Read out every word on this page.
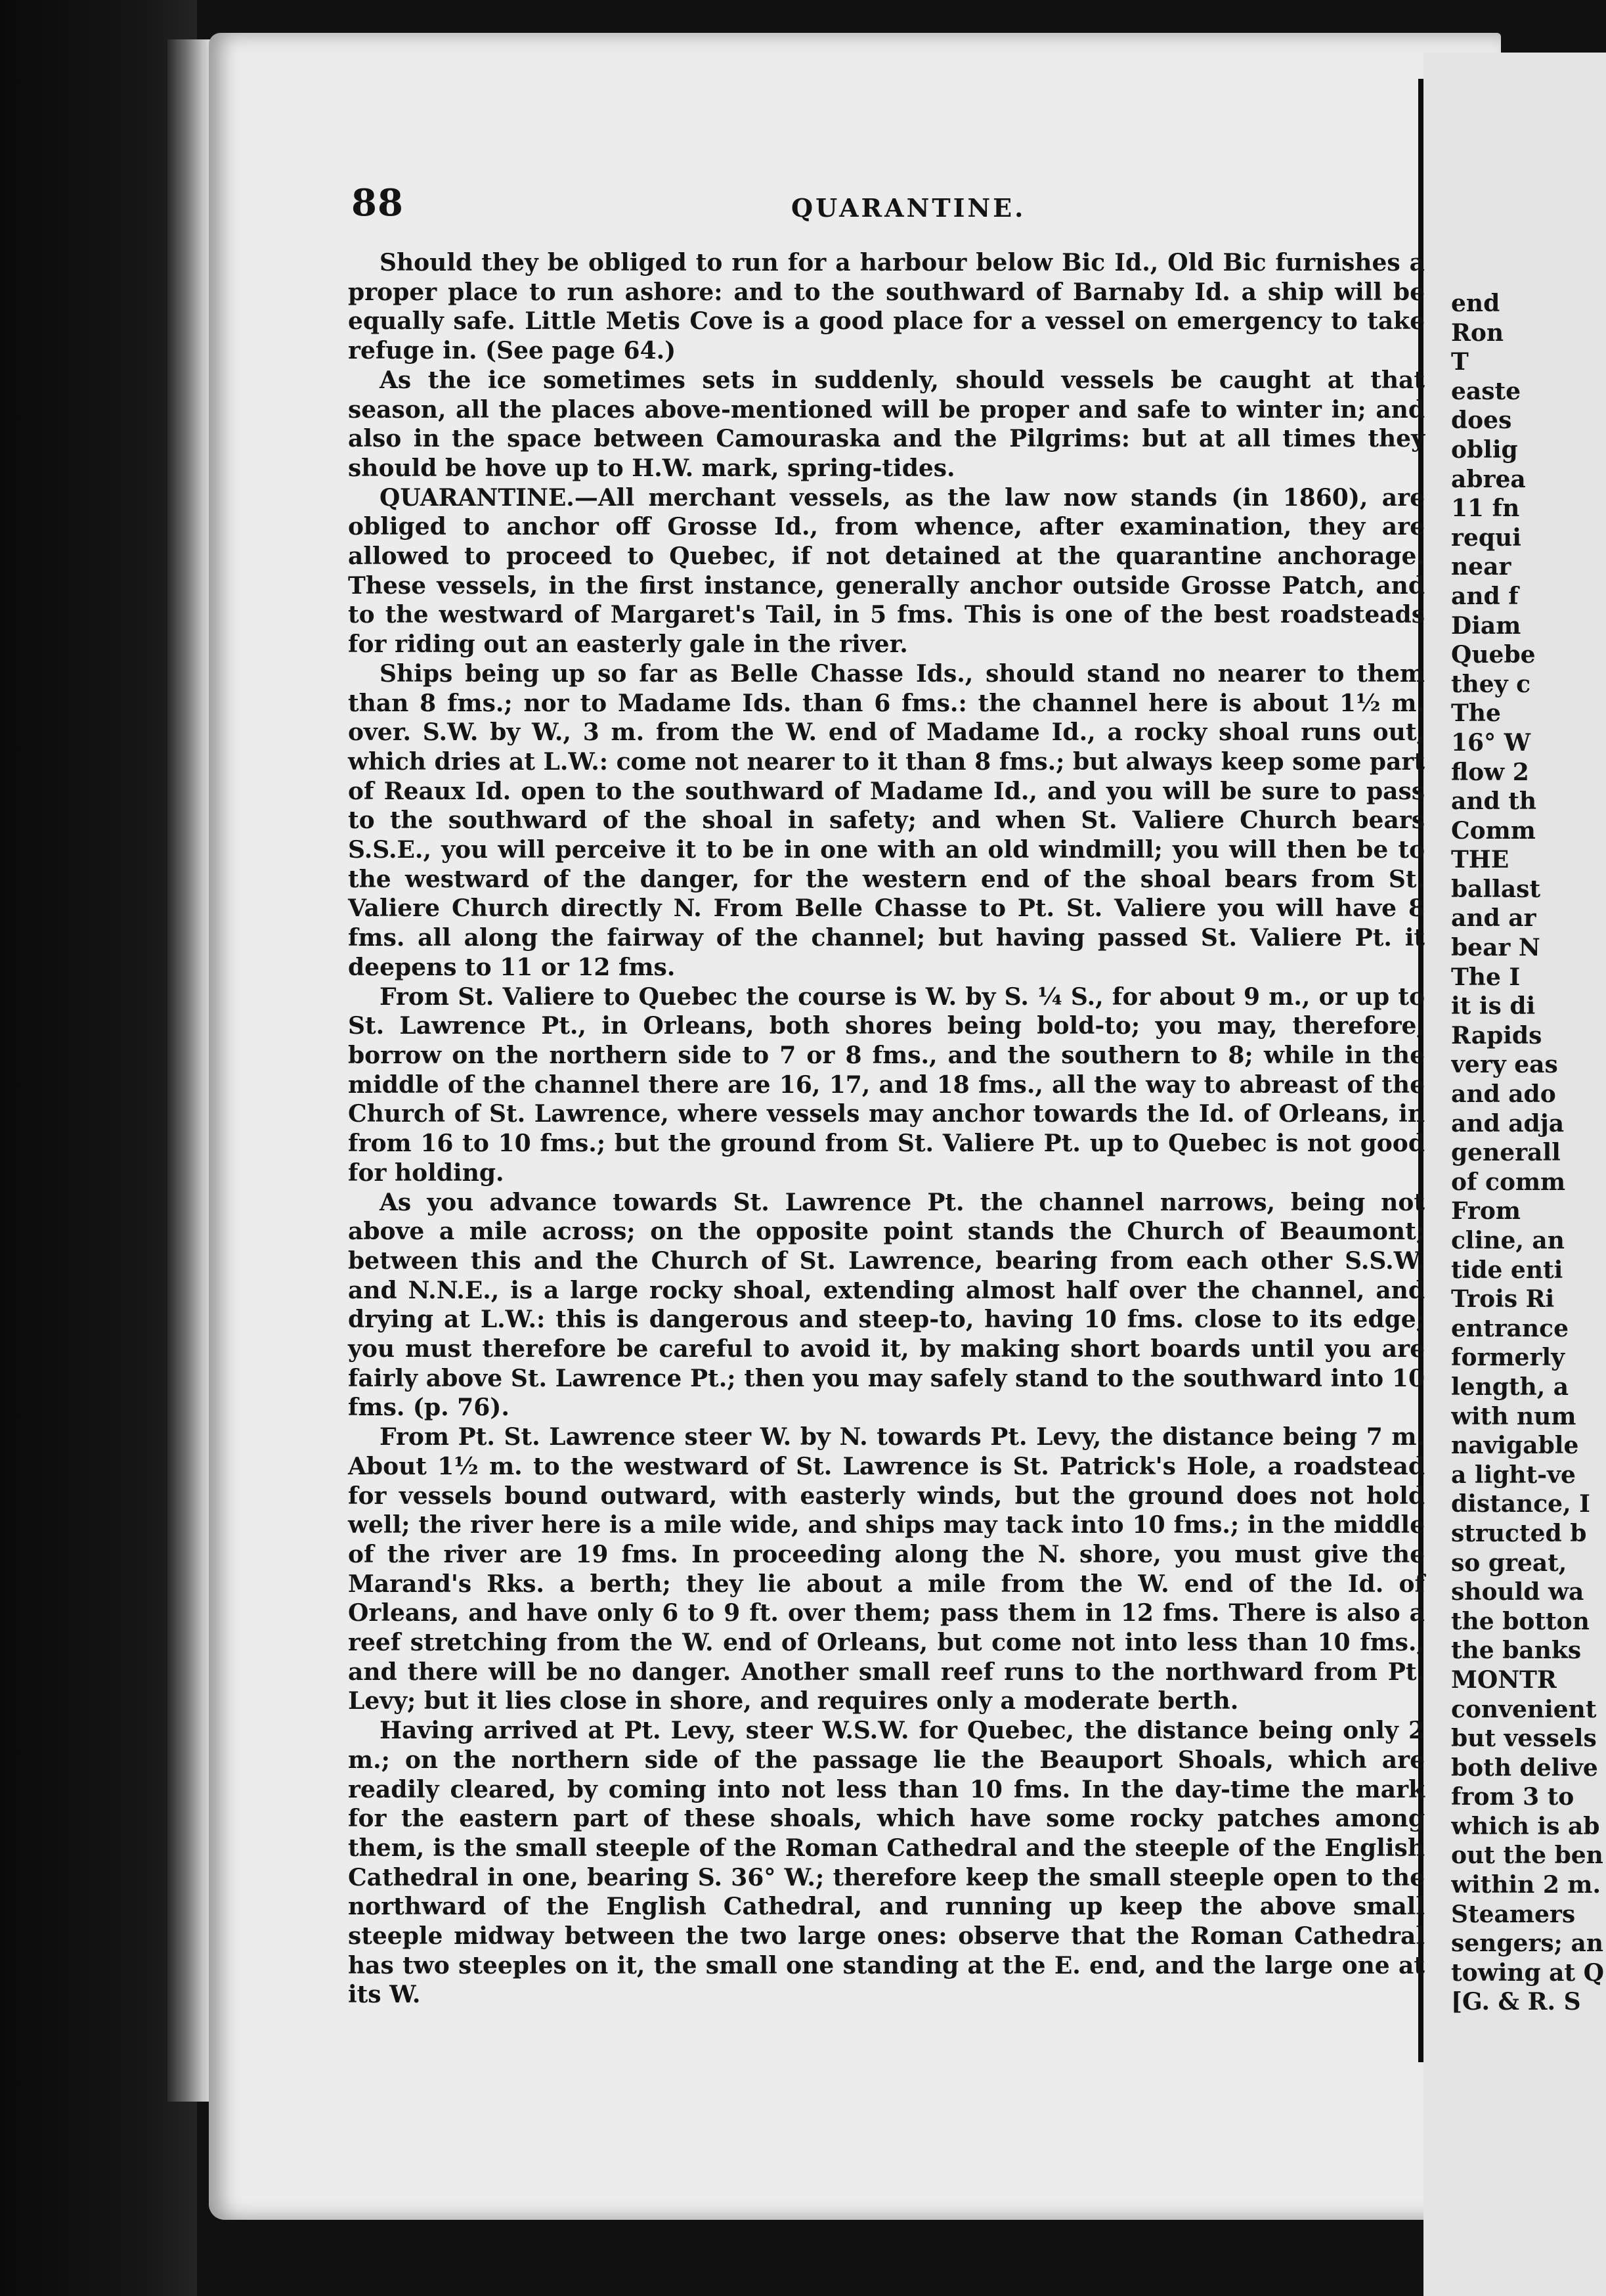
88	QUARANTINE.

Should they be obliged to run for a harbour below Bic Id., Old Bic furnishes a proper place to run ashore: and to the southward of Barnaby Id. a ship will be equally safe. Little Metis Cove is a good place for a vessel on emergency to take refuge in. (See page 64.)

As the ice sometimes sets in suddenly, should vessels be caught at that season, all the places above-mentioned will be proper and safe to winter in; and also in the space between Camouraska and the Pilgrims: but at all times they should be hove up to H.W. mark, spring-tides.

QUARANTINE.—All merchant vessels, as the law now stands (in 1860), are obliged to anchor off Grosse Id., from whence, after examination, they are allowed to proceed to Quebec, if not detained at the quarantine anchorage. These vessels, in the first instance, generally anchor outside Grosse Patch, and to the westward of Margaret's Tail, in 5 fms. This is one of the best roadsteads for riding out an easterly gale in the river.

Ships being up so far as Belle Chasse Ids., should stand no nearer to them than 8 fms.; nor to Madame Ids. than 6 fms.: the channel here is about 1½ m. over. S.W. by W., 3 m. from the W. end of Madame Id., a rocky shoal runs out, which dries at L.W.: come not nearer to it than 8 fms.; but always keep some part of Reaux Id. open to the southward of Madame Id., and you will be sure to pass to the southward of the shoal in safety; and when St. Valiere Church bears S.S.E., you will perceive it to be in one with an old windmill; you will then be to the westward of the danger, for the western end of the shoal bears from St. Valiere Church directly N. From Belle Chasse to Pt. St. Valiere you will have 8 fms. all along the fairway of the channel; but having passed St. Valiere Pt. it deepens to 11 or 12 fms.

From St. Valiere to Quebec the course is W. by S. ¼ S., for about 9 m., or up to St. Lawrence Pt., in Orleans, both shores being bold-to; you may, therefore, borrow on the northern side to 7 or 8 fms., and the southern to 8; while in the middle of the channel there are 16, 17, and 18 fms., all the way to abreast of the Church of St. Lawrence, where vessels may anchor towards the Id. of Orleans, in from 16 to 10 fms.; but the ground from St. Valiere Pt. up to Quebec is not good for holding.

As you advance towards St. Lawrence Pt. the channel narrows, being not above a mile across; on the opposite point stands the Church of Beaumont; between this and the Church of St. Lawrence, bearing from each other S.S.W. and N.N.E., is a large rocky shoal, extending almost half over the channel, and drying at L.W.: this is dangerous and steep-to, having 10 fms. close to its edge; you must therefore be careful to avoid it, by making short boards until you are fairly above St. Lawrence Pt.; then you may safely stand to the southward into 10 fms. (p. 76).

From Pt. St. Lawrence steer W. by N. towards Pt. Levy, the distance being 7 m. About 1½ m. to the westward of St. Lawrence is St. Patrick's Hole, a roadstead for vessels bound outward, with easterly winds, but the ground does not hold well; the river here is a mile wide, and ships may tack into 10 fms.; in the middle of the river are 19 fms. In proceeding along the N. shore, you must give the Marand's Rks. a berth; they lie about a mile from the W. end of the Id. of Orleans, and have only 6 to 9 ft. over them; pass them in 12 fms. There is also a reef stretching from the W. end of Orleans, but come not into less than 10 fms., and there will be no danger. Another small reef runs to the northward from Pt. Levy; but it lies close in shore, and requires only a moderate berth.

Having arrived at Pt. Levy, steer W.S.W. for Quebec, the distance being only 2 m.; on the northern side of the passage lie the Beauport Shoals, which are readily cleared, by coming into not less than 10 fms. In the day-time the mark for the eastern part of these shoals, which have some rocky patches among them, is the small steeple of the Roman Cathedral and the steeple of the English Cathedral in one, bearing S. 36° W.; therefore keep the small steeple open to the northward of the English Cathedral, and running up keep the above small steeple midway between the two large ones: observe that the Roman Cathedral has two steeples on it, the small one standing at the E. end, and the large one at its W.

end
Ron
T
easte
does
oblig
abrea
11 fn
requi
near
and f
Diam
Quebe
they c
The
16° W
flow 2
and th
Comm
THE
ballast
and ar
bear N
The I
it is di
Rapids
very eas
and ado
and adja
generall
of comm
From
cline, an
tide enti
Trois Ri
entrance
formerly
length, a
with num
navigable
a light-ve
distance, I
structed b
so great,
should wa
the botton
the banks
MONTR
convenient
but vessels
both delive
from 3 to
which is ab
out the ben
within 2 m.
Steamers
sengers; an
towing at Q
[G. & R. S
